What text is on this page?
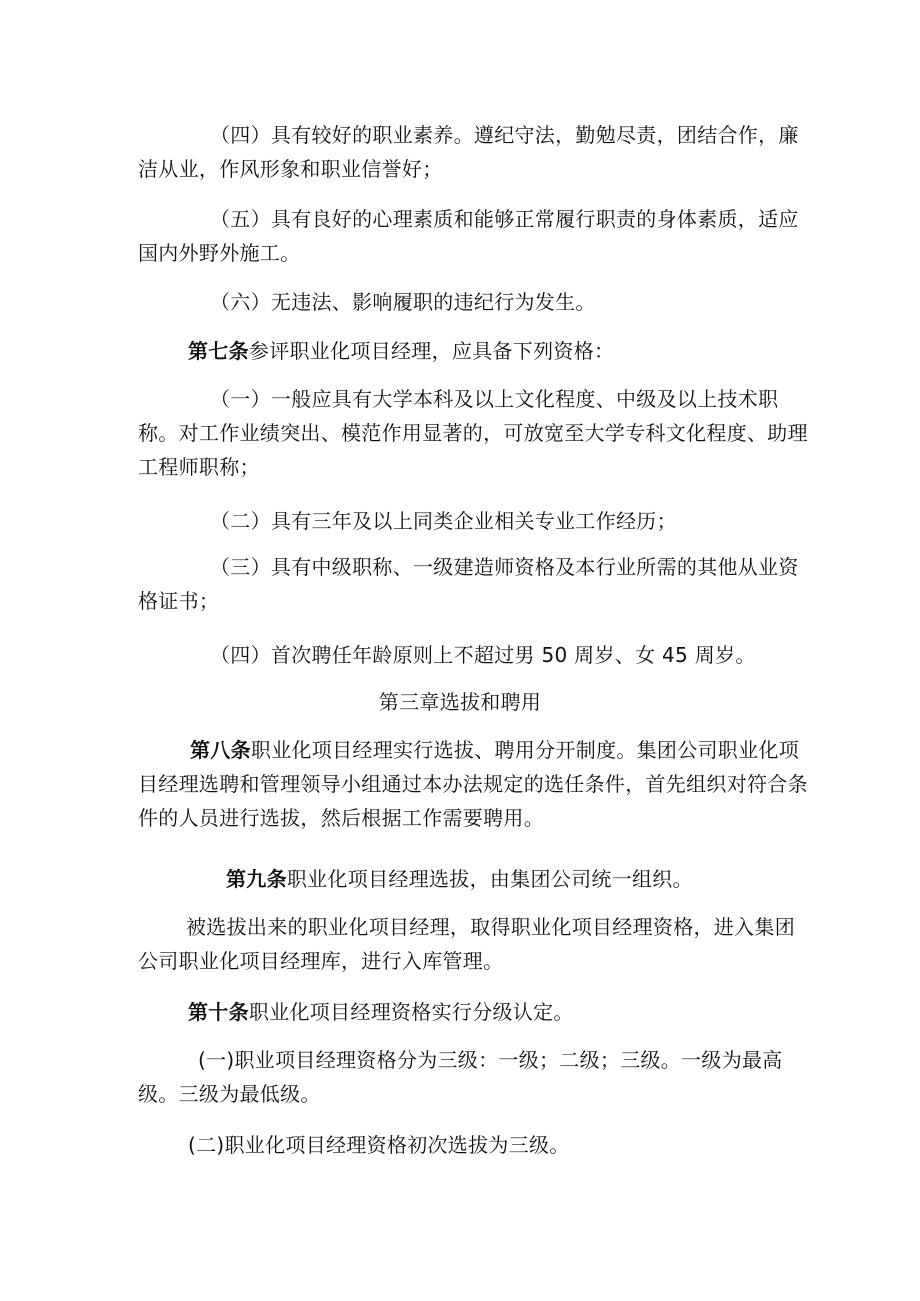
（四）具有较好的职业素养。遵纪守法，勤勉尽责，团结合作，廉洁从业，作风形象和职业信誉好；
（五）具有良好的心理素质和能够正常履行职责的身体素质，适应国内外野外施工。
（六）无违法、影响履职的违纪行为发生。
第七条参评职业化项目经理，应具备下列资格：
（一）一般应具有大学本科及以上文化程度、中级及以上技术职称。对工作业绩突出、模范作用显著的，可放宽至大学专科文化程度、助理工程师职称；
（二）具有三年及以上同类企业相关专业工作经历；
（三）具有中级职称、一级建造师资格及本行业所需的其他从业资格证书；
（四）首次聘任年龄原则上不超过男 50 周岁、女 45 周岁。
第三章选拔和聘用
第八条职业化项目经理实行选拔、聘用分开制度。集团公司职业化项目经理选聘和管理领导小组通过本办法规定的选任条件，首先组织对符合条件的人员进行选拔，然后根据工作需要聘用。
第九条职业化项目经理选拔，由集团公司统一组织。
被选拔出来的职业化项目经理，取得职业化项目经理资格，进入集团公司职业化项目经理库，进行入库管理。
第十条职业化项目经理资格实行分级认定。
(一)职业项目经理资格分为三级：一级；二级；三级。一级为最高级。三级为最低级。
(二)职业化项目经理资格初次选拔为三级。
